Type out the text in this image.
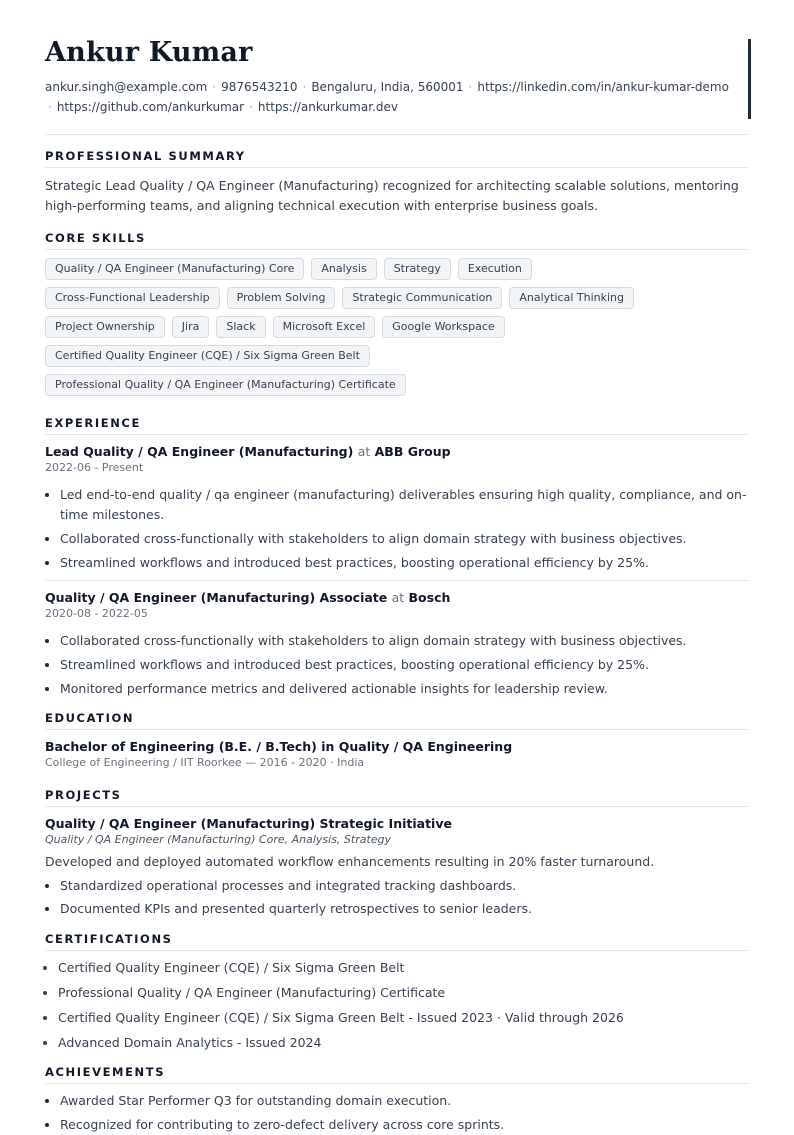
Ankur Kumar
ankur.singh@example.com · 9876543210 · Bengaluru, India, 560001 · https://linkedin.com/in/ankur-kumar-demo
· https://github.com/ankurkumar · https://ankurkumar.dev
PROFESSIONAL SUMMARY

Strategic Lead Quality / QA Engineer (Manufacturing) recognized for architecting scalable solutions, mentoring high-performing teams, and aligning technical execution with enterprise business goals.

CORE SKILLS
Quality / QA Engineer (Manufacturing) Core	Analysis	Strategy	Execution
Cross-Functional Leadership	Problem Solving	Strategic Communication	Analytical Thinking
Project Ownership	Jira	Slack	Microsoft Excel	Google Workspace
Certified Quality Engineer (CQE) / Six Sigma Green Belt
Professional Quality / QA Engineer (Manufacturing) Certificate
EXPERIENCE
Lead Quality / QA Engineer (Manufacturing) at ABB Group
2022-06 - Present
• Led end-to-end quality / qa engineer (manufacturing) deliverables ensuring high quality, compliance, and on-time milestones.
• Collaborated cross-functionally with stakeholders to align domain strategy with business objectives.
• Streamlined workflows and introduced best practices, boosting operational efficiency by 25%.
Quality / QA Engineer (Manufacturing) Associate at Bosch
2020-08 - 2022-05
• Collaborated cross-functionally with stakeholders to align domain strategy with business objectives.
• Streamlined workflows and introduced best practices, boosting operational efficiency by 25%.
• Monitored performance metrics and delivered actionable insights for leadership review.
EDUCATION
Bachelor of Engineering (B.E. / B.Tech) in Quality / QA Engineering
College of Engineering / IIT Roorkee — 2016 - 2020 · India
PROJECTS
Quality / QA Engineer (Manufacturing) Strategic Initiative
Quality / QA Engineer (Manufacturing) Core, Analysis, Strategy
Developed and deployed automated workflow enhancements resulting in 20% faster turnaround.
• Standardized operational processes and integrated tracking dashboards.
• Documented KPIs and presented quarterly retrospectives to senior leaders.
CERTIFICATIONS
• Certified Quality Engineer (CQE) / Six Sigma Green Belt
• Professional Quality / QA Engineer (Manufacturing) Certificate
• Certified Quality Engineer (CQE) / Six Sigma Green Belt - Issued 2023 · Valid through 2026
• Advanced Domain Analytics - Issued 2024
ACHIEVEMENTS
• Awarded Star Performer Q3 for outstanding domain execution.
• Recognized for contributing to zero-defect delivery across core sprints.
